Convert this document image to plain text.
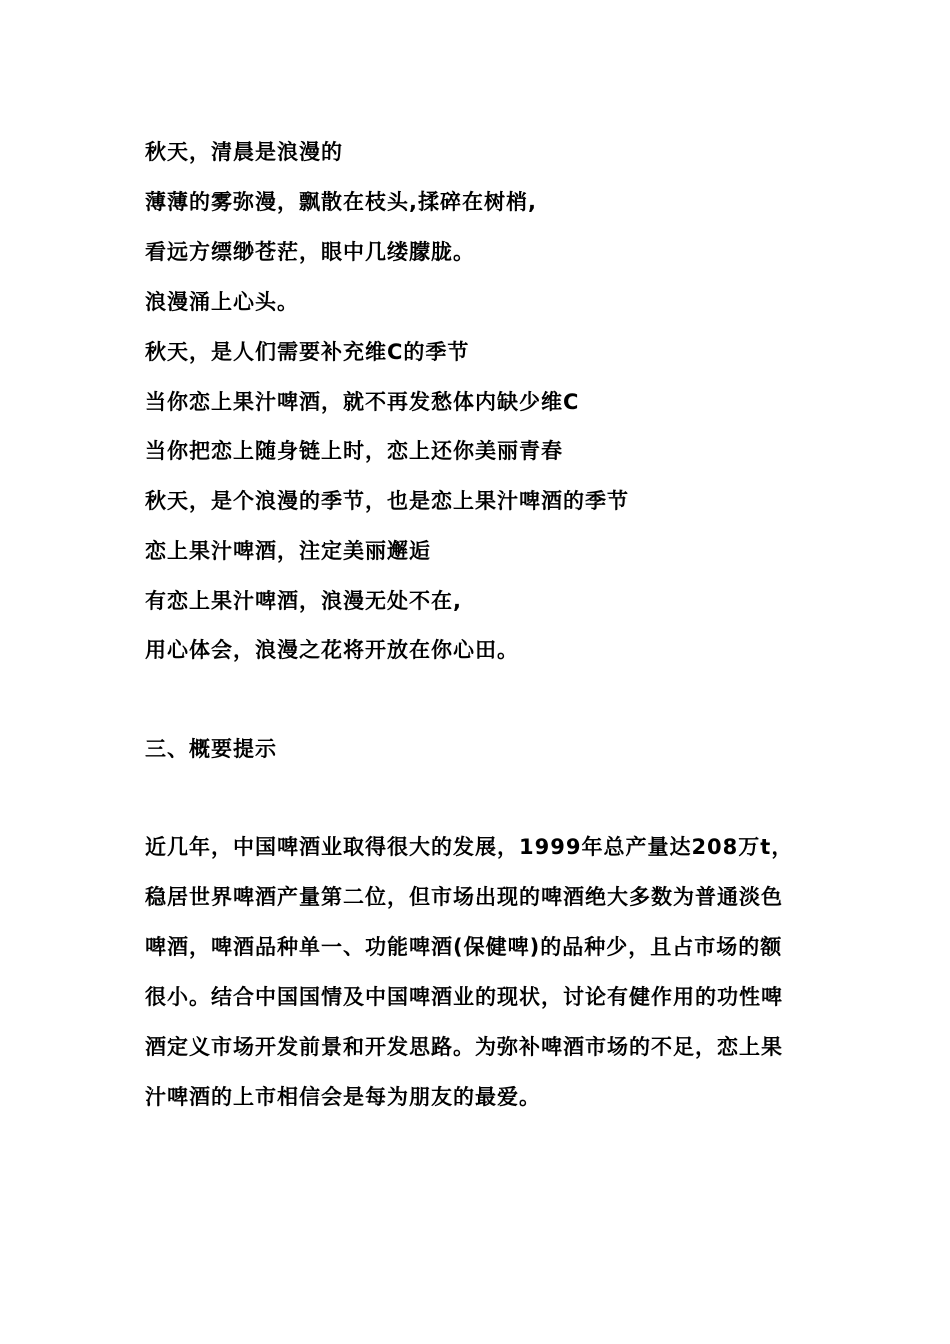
秋天，清晨是浪漫的
薄薄的雾弥漫，飘散在枝头,揉碎在树梢,
看远方缥缈苍茫，眼中几缕朦胧。
浪漫涌上心头。
秋天，是人们需要补充维C的季节
当你恋上果汁啤酒，就不再发愁体内缺少维C
当你把恋上随身链上时，恋上还你美丽青春
秋天，是个浪漫的季节，也是恋上果汁啤酒的季节
恋上果汁啤酒，注定美丽邂逅
有恋上果汁啤酒，浪漫无处不在,
用心体会，浪漫之花将开放在你心田。
三、概要提示
近几年，中国啤酒业取得很大的发展，1999年总产量达208万t，
稳居世界啤酒产量第二位，但市场出现的啤酒绝大多数为普通淡色
啤酒，啤酒品种单一、功能啤酒(保健啤)的品种少，且占市场的额
很小。结合中国国情及中国啤酒业的现状，讨论有健作用的功性啤
酒定义市场开发前景和开发思路。为弥补啤酒市场的不足，恋上果
汁啤酒的上市相信会是每为朋友的最爱。
